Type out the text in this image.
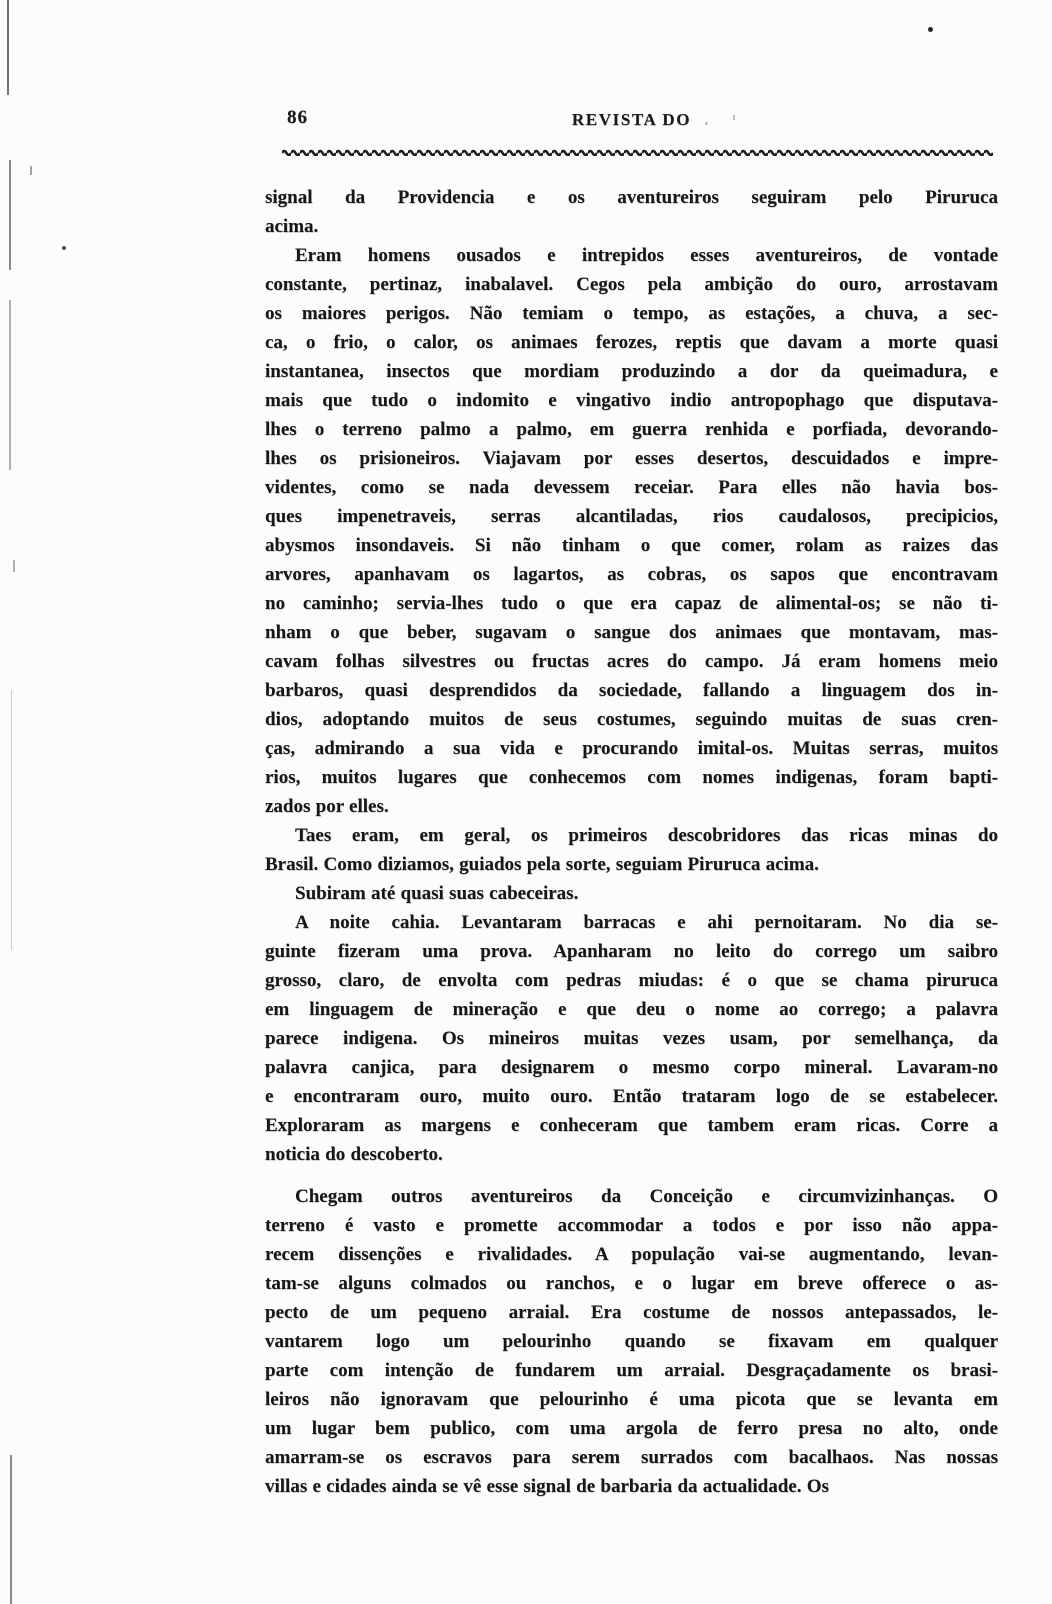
86	REVISTA DO
signal da Providencia e os aventureiros seguiram pelo Piruruca
acima.
Eram homens ousados e intrepidos esses aventureiros, de vontade
constante, pertinaz, inabalavel. Cegos pela ambição do ouro, arrostavam
os maiores perigos. Não temiam o tempo, as estações, a chuva, a sec-
ca, o frio, o calor, os animaes ferozes, reptis que davam a morte quasi
instantanea, insectos que mordiam produzindo a dor da queimadura, e
mais que tudo o indomito e vingativo indio antropophago que disputava-
lhes o terreno palmo a palmo, em guerra renhida e porfiada, devorando-
lhes os prisioneiros. Viajavam por esses desertos, descuidados e impre-
videntes, como se nada devessem receiar. Para elles não havia bos-
ques impenetraveis, serras alcantiladas, rios caudalosos, precipicios,
abysmos insondaveis. Si não tinham o que comer, rolam as raizes das
arvores, apanhavam os lagartos, as cobras, os sapos que encontravam
no caminho; servia-lhes tudo o que era capaz de alimental-os; se não ti-
nham o que beber, sugavam o sangue dos animaes que montavam, mas-
cavam folhas silvestres ou fructas acres do campo. Já eram homens meio
barbaros, quasi desprendidos da sociedade, fallando a linguagem dos in-
dios, adoptando muitos de seus costumes, seguindo muitas de suas cren-
ças, admirando a sua vida e procurando imital-os. Muitas serras, muitos
rios, muitos lugares que conhecemos com nomes indigenas, foram bapti-
zados por elles.
Taes eram, em geral, os primeiros descobridores das ricas minas do
Brasil. Como diziamos, guiados pela sorte, seguiam Piruruca acima.
Subiram até quasi suas cabeceiras.
A noite cahia. Levantaram barracas e ahi pernoitaram. No dia se-
guinte fizeram uma prova. Apanharam no leito do corrego um saibro
grosso, claro, de envolta com pedras miudas: é o que se chama piruruca
em linguagem de mineração e que deu o nome ao corrego; a palavra
parece indigena. Os mineiros muitas vezes usam, por semelhança, da
palavra canjica, para designarem o mesmo corpo mineral. Lavaram-no
e encontraram ouro, muito ouro. Então trataram logo de se estabelecer.
Exploraram as margens e conheceram que tambem eram ricas. Corre a
noticia do descoberto.
Chegam outros aventureiros da Conceição e circumvizinhanças. O
terreno é vasto e promette accommodar a todos e por isso não appa-
recem dissenções e rivalidades. A população vai-se augmentando, levan-
tam-se alguns colmados ou ranchos, e o lugar em breve offerece o as-
pecto de um pequeno arraial. Era costume de nossos antepassados, le-
vantarem logo um pelourinho quando se fixavam em qualquer
parte com intenção de fundarem um arraial. Desgraçadamente os brasi-
leiros não ignoravam que pelourinho é uma picota que se levanta em
um lugar bem publico, com uma argola de ferro presa no alto, onde
amarram-se os escravos para serem surrados com bacalhaos. Nas nossas
villas e cidades ainda se vê esse signal de barbaria da actualidade. Os
